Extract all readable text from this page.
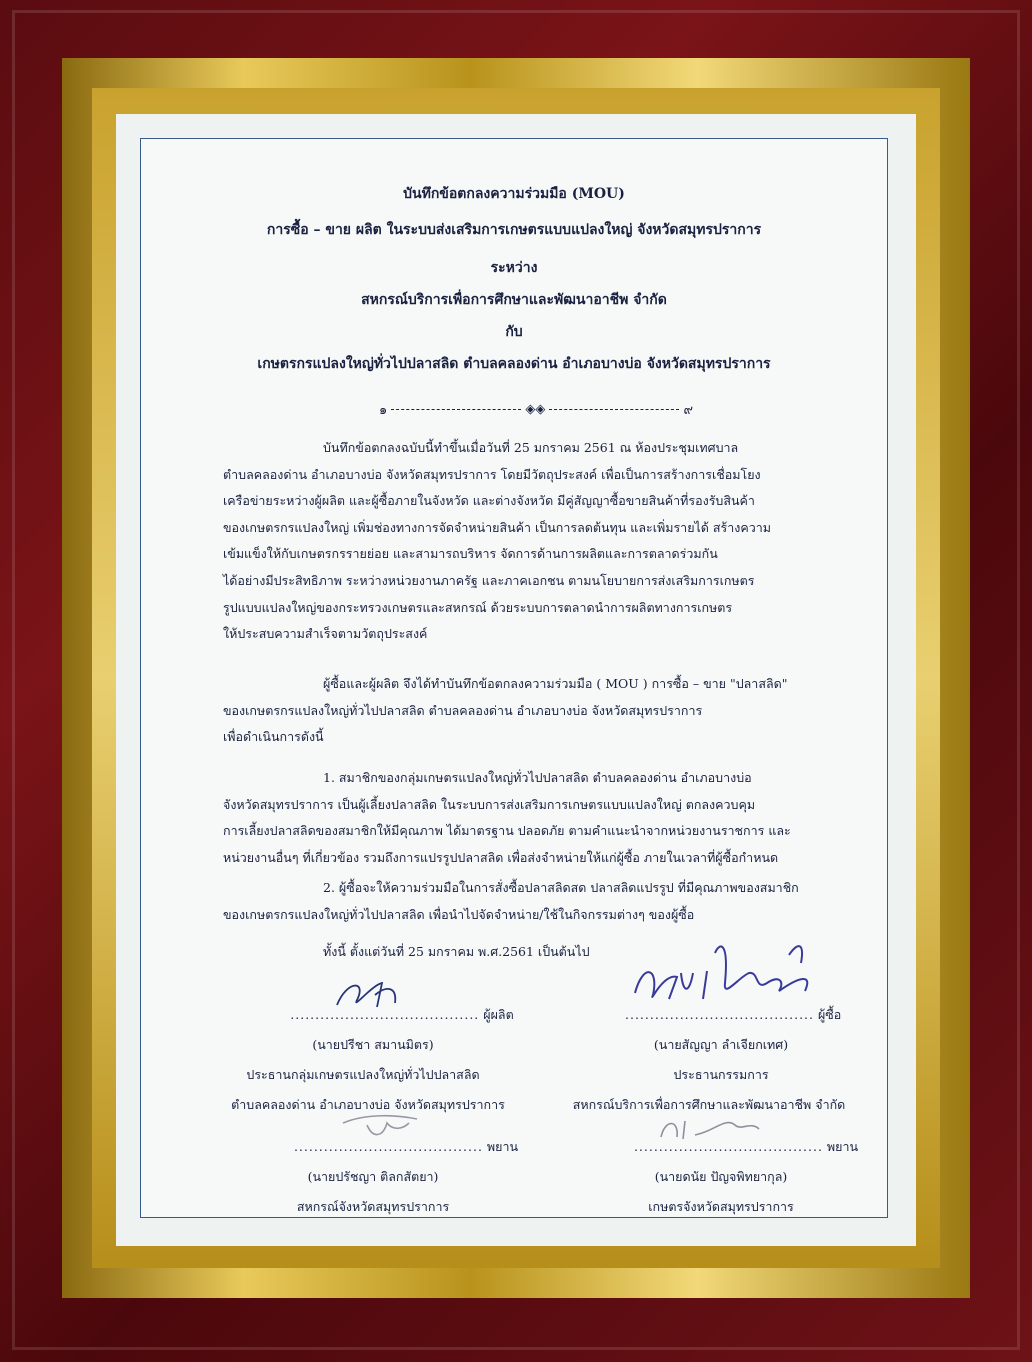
บันทึกข้อตกลงความร่วมมือ (MOU)

การซื้อ – ขาย ผลิต ในระบบส่งเสริมการเกษตรแบบแปลงใหญ่ จังหวัดสมุทรปราการ

ระหว่าง

สหกรณ์บริการเพื่อการศึกษาและพัฒนาอาชีพ จำกัด

กับ

เกษตรกรแปลงใหญ่ทั่วไปปลาสลิด ตำบลคลองด่าน อำเภอบางบ่อ จังหวัดสมุทรปราการ

๑	◈◈	๙
บันทึกข้อตกลงฉบับนี้ทำขึ้นเมื่อวันที่ 25 มกราคม 2561 ณ ห้องประชุมเทศบาล
ตำบลคลองด่าน อำเภอบางบ่อ จังหวัดสมุทรปราการ โดยมีวัตถุประสงค์ เพื่อเป็นการสร้างการเชื่อมโยง
เครือข่ายระหว่างผู้ผลิต และผู้ซื้อภายในจังหวัด และต่างจังหวัด มีคู่สัญญาซื้อขายสินค้าที่รองรับสินค้า
ของเกษตรกรแปลงใหญ่ เพิ่มช่องทางการจัดจำหน่ายสินค้า เป็นการลดต้นทุน และเพิ่มรายได้ สร้างความ
เข้มแข็งให้กับเกษตรกรรายย่อย และสามารถบริหาร จัดการด้านการผลิตและการตลาดร่วมกัน
ได้อย่างมีประสิทธิภาพ ระหว่างหน่วยงานภาครัฐ และภาคเอกชน ตามนโยบายการส่งเสริมการเกษตร
รูปแบบแปลงใหญ่ของกระทรวงเกษตรและสหกรณ์ ด้วยระบบการตลาดนำการผลิตทางการเกษตร
ให้ประสบความสำเร็จตามวัตถุประสงค์
ผู้ซื้อและผู้ผลิต จึงได้ทำบันทึกข้อตกลงความร่วมมือ ( MOU ) การซื้อ – ขาย "ปลาสลิด"
ของเกษตรกรแปลงใหญ่ทั่วไปปลาสลิด ตำบลคลองด่าน อำเภอบางบ่อ จังหวัดสมุทรปราการ
เพื่อดำเนินการดังนี้
1. สมาชิกของกลุ่มเกษตรแปลงใหญ่ทั่วไปปลาสลิด ตำบลคลองด่าน อำเภอบางบ่อ
จังหวัดสมุทรปราการ เป็นผู้เลี้ยงปลาสลิด ในระบบการส่งเสริมการเกษตรแบบแปลงใหญ่ ตกลงควบคุม
การเลี้ยงปลาสลิดของสมาชิกให้มีคุณภาพ ได้มาตรฐาน ปลอดภัย ตามคำแนะนำจากหน่วยงานราชการ และ
หน่วยงานอื่นๆ ที่เกี่ยวข้อง รวมถึงการแปรรูปปลาสลิด เพื่อส่งจำหน่ายให้แก่ผู้ซื้อ ภายในเวลาที่ผู้ซื้อกำหนด
2. ผู้ซื้อจะให้ความร่วมมือในการสั่งซื้อปลาสลิดสด ปลาสลิดแปรรูป ที่มีคุณภาพของสมาชิก
ของเกษตรกรแปลงใหญ่ทั่วไปปลาสลิด เพื่อนำไปจัดจำหน่าย/ใช้ในกิจกรรมต่างๆ ของผู้ซื้อ
ทั้งนี้ ตั้งแต่วันที่ 25 มกราคม พ.ศ.2561 เป็นต้นไป
...................................... ผู้ผลิต
(นายปรีชา สมานมิตร)
ประธานกลุ่มเกษตรแปลงใหญ่ทั่วไปปลาสลิด
ตำบลคลองด่าน อำเภอบางบ่อ จังหวัดสมุทรปราการ
...................................... ผู้ซื้อ
(นายสัญญา ลำเจียกเทศ)
ประธานกรรมการ
สหกรณ์บริการเพื่อการศึกษาและพัฒนาอาชีพ จำกัด
...................................... พยาน
(นายปรัชญา ติลกสัตยา)
สหกรณ์จังหวัดสมุทรปราการ
...................................... พยาน
(นายดนัย ปัญจพิทยากุล)
เกษตรจังหวัดสมุทรปราการ
